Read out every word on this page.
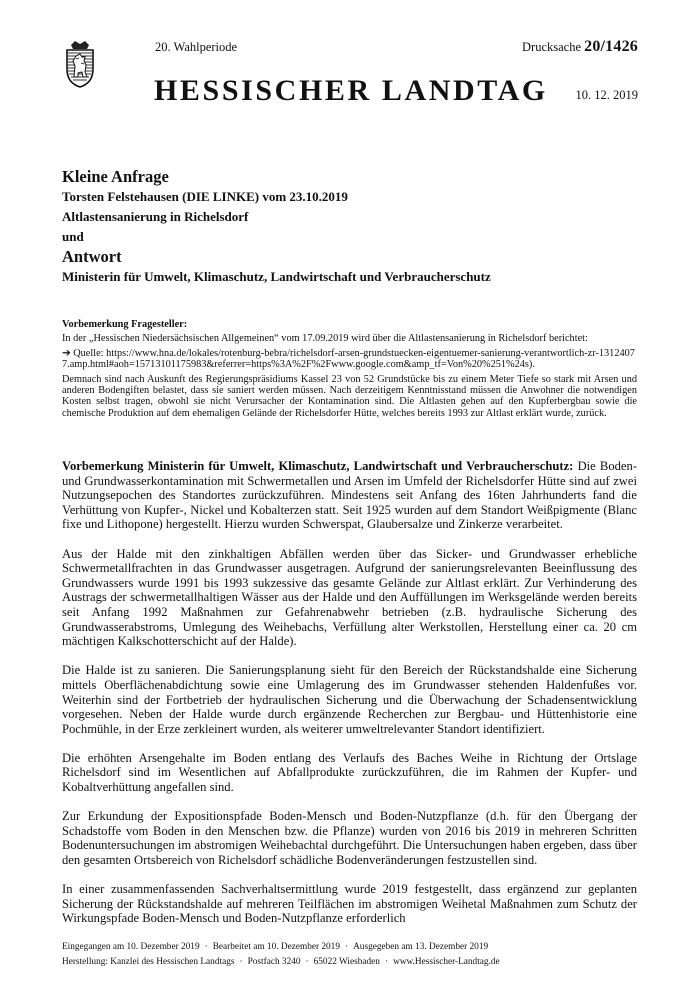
20. Wahlperiode	Drucksache 20/1426
HESSISCHER LANDTAG 10. 12. 2019

Kleine Anfrage

Torsten Felstehausen (DIE LINKE) vom 23.10.2019

Altlastensanierung in Richelsdorf

und

Antwort

Ministerin für Umwelt, Klimaschutz, Landwirtschaft und Verbraucherschutz

Vorbemerkung Fragesteller:

In der „Hessischen Niedersächsischen Allgemeinen“ vom 17.09.2019 wird über die Altlastensanierung in Richelsdorf berichtet:

➔ Quelle: https://www.hna.de/lokales/rotenburg-bebra/richelsdorf-arsen-grundstuecken-eigentuemer-sanierung-verantwortlich-zr-13124077.amp.html#aoh=15713101175983&referrer=https%3A%2F%2Fwww.google.com&amp_tf=Von%20%251%24s).

Demnach sind nach Auskunft des Regierungspräsidiums Kassel 23 von 52 Grundstücke bis zu einem Meter Tiefe so stark mit Arsen und anderen Bodengiften belastet, dass sie saniert werden müssen. Nach derzeitigem Kenntnisstand müssen die Anwohner die notwendigen Kosten selbst tragen, obwohl sie nicht Verursacher der Kontamination sind. Die Altlasten gehen auf den Kupferbergbau sowie die chemische Produktion auf dem ehemaligen Gelände der Richelsdorfer Hütte, welches bereits 1993 zur Altlast erklärt wurde, zurück.

Vorbemerkung Ministerin für Umwelt, Klimaschutz, Landwirtschaft und Verbraucherschutz: Die Boden- und Grundwasserkontamination mit Schwermetallen und Arsen im Umfeld der Richelsdorfer Hütte sind auf zwei Nutzungsepochen des Standortes zurückzuführen. Mindestens seit Anfang des 16ten Jahrhunderts fand die Verhüttung von Kupfer-, Nickel und Kobalterzen statt. Seit 1925 wurden auf dem Standort Weißpigmente (Blanc fixe und Lithopone) hergestellt. Hierzu wurden Schwerspat, Glaubersalze und Zinkerze verarbeitet.

Aus der Halde mit den zinkhaltigen Abfällen werden über das Sicker- und Grundwasser erhebliche Schwermetallfrachten in das Grundwasser ausgetragen. Aufgrund der sanierungsrelevanten Beeinflussung des Grundwassers wurde 1991 bis 1993 sukzessive das gesamte Gelände zur Altlast erklärt. Zur Verhinderung des Austrags der schwermetallhaltigen Wässer aus der Halde und den Auffüllungen im Werksgelände werden bereits seit Anfang 1992 Maßnahmen zur Gefahrenabwehr betrieben (z.B. hydraulische Sicherung des Grundwasserabstroms, Umlegung des Weihebachs, Verfüllung alter Werkstollen, Herstellung einer ca. 20 cm mächtigen Kalkschotterschicht auf der Halde).

Die Halde ist zu sanieren. Die Sanierungsplanung sieht für den Bereich der Rückstandshalde eine Sicherung mittels Oberflächenabdichtung sowie eine Umlagerung des im Grundwasser stehenden Haldenfußes vor. Weiterhin sind der Fortbetrieb der hydraulischen Sicherung und die Überwachung der Schadensentwicklung vorgesehen. Neben der Halde wurde durch ergänzende Recherchen zur Bergbau- und Hüttenhistorie eine Pochmühle, in der Erze zerkleinert wurden, als weiterer umweltrelevanter Standort identifiziert.

Die erhöhten Arsengehalte im Boden entlang des Verlaufs des Baches Weihe in Richtung der Ortslage Richelsdorf sind im Wesentlichen auf Abfallprodukte zurückzuführen, die im Rahmen der Kupfer- und Kobaltverhüttung angefallen sind.

Zur Erkundung der Expositionspfade Boden-Mensch und Boden-Nutzpflanze (d.h. für den Übergang der Schadstoffe vom Boden in den Menschen bzw. die Pflanze) wurden von 2016 bis 2019 in mehreren Schritten Bodenuntersuchungen im abstromigen Weihebachtal durchgeführt. Die Untersuchungen haben ergeben, dass über den gesamten Ortsbereich von Richelsdorf schädliche Bodenveränderungen festzustellen sind.

In einer zusammenfassenden Sachverhaltsermittlung wurde 2019 festgestellt, dass ergänzend zur geplanten Sicherung der Rückstandshalde auf mehreren Teilflächen im abstromigen Weihetal Maßnahmen zum Schutz der Wirkungspfade Boden-Mensch und Boden-Nutzpflanze erforderlich

Eingegangen am 10. Dezember 2019 · Bearbeitet am 10. Dezember 2019 · Ausgegeben am 13. Dezember 2019
Herstellung: Kanzlei des Hessischen Landtags · Postfach 3240 · 65022 Wiesbaden · www.Hessischer-Landtag.de
